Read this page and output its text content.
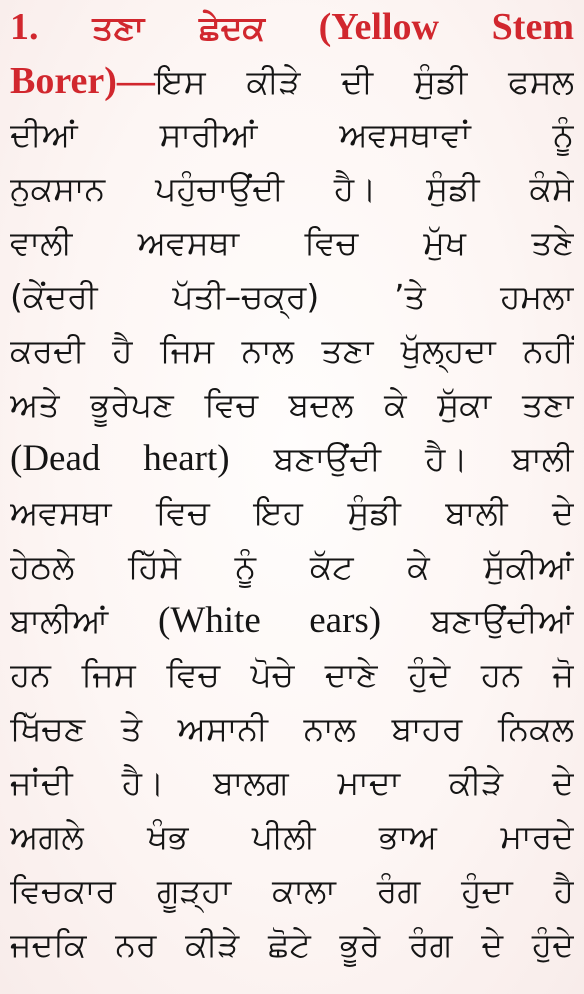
1. ਤਣਾ ਛੇਦਕ (Yellow Stem
Borer)—ਇਸ ਕੀੜੇ ਦੀ ਸੁੰਡੀ ਫਸਲ
ਦੀਆਂ ਸਾਰੀਆਂ ਅਵਸਥਾਵਾਂ ਨੂੰ
ਨੁਕਸਾਨ ਪਹੁੰਚਾਉਂਦੀ ਹੈ। ਸੁੰਡੀ ਕੰਸੇ
ਵਾਲੀ ਅਵਸਥਾ ਵਿਚ ਮੁੱਖ ਤਣੇ
(ਕੇਂਦਰੀ ਪੱਤੀ–ਚਕ੍ਰ) ’ਤੇ ਹਮਲਾ
ਕਰਦੀ ਹੈ ਜਿਸ ਨਾਲ ਤਣਾ ਖੁੱਲ੍ਹਦਾ ਨਹੀਂ
ਅਤੇ ਭੂਰੇਪਣ ਵਿਚ ਬਦਲ ਕੇ ਸੁੱਕਾ ਤਣਾ
(Dead heart) ਬਣਾਉਂਦੀ ਹੈ। ਬਾਲੀ
ਅਵਸਥਾ ਵਿਚ ਇਹ ਸੁੰਡੀ ਬਾਲੀ ਦੇ
ਹੇਠਲੇ ਹਿੱਸੇ ਨੂੰ ਕੱਟ ਕੇ ਸੁੱਕੀਆਂ
ਬਾਲੀਆਂ (White ears) ਬਣਾਉਂਦੀਆਂ
ਹਨ ਜਿਸ ਵਿਚ ਪੋਚੇ ਦਾਣੇ ਹੁੰਦੇ ਹਨ ਜੋ
ਖਿੱਚਣ ਤੇ ਅਸਾਨੀ ਨਾਲ ਬਾਹਰ ਨਿਕਲ
ਜਾਂਦੀ ਹੈ। ਬਾਲਗ ਮਾਦਾ ਕੀੜੇ ਦੇ
ਅਗਲੇ ਖੰਭ ਪੀਲੀ ਭਾਅ ਮਾਰਦੇ
ਵਿਚਕਾਰ ਗੂੜ੍ਹਾ ਕਾਲਾ ਰੰਗ ਹੁੰਦਾ ਹੈ
ਜਦਕਿ ਨਰ ਕੀੜੇ ਛੋਟੇ ਭੂਰੇ ਰੰਗ ਦੇ ਹੁੰਦੇ
